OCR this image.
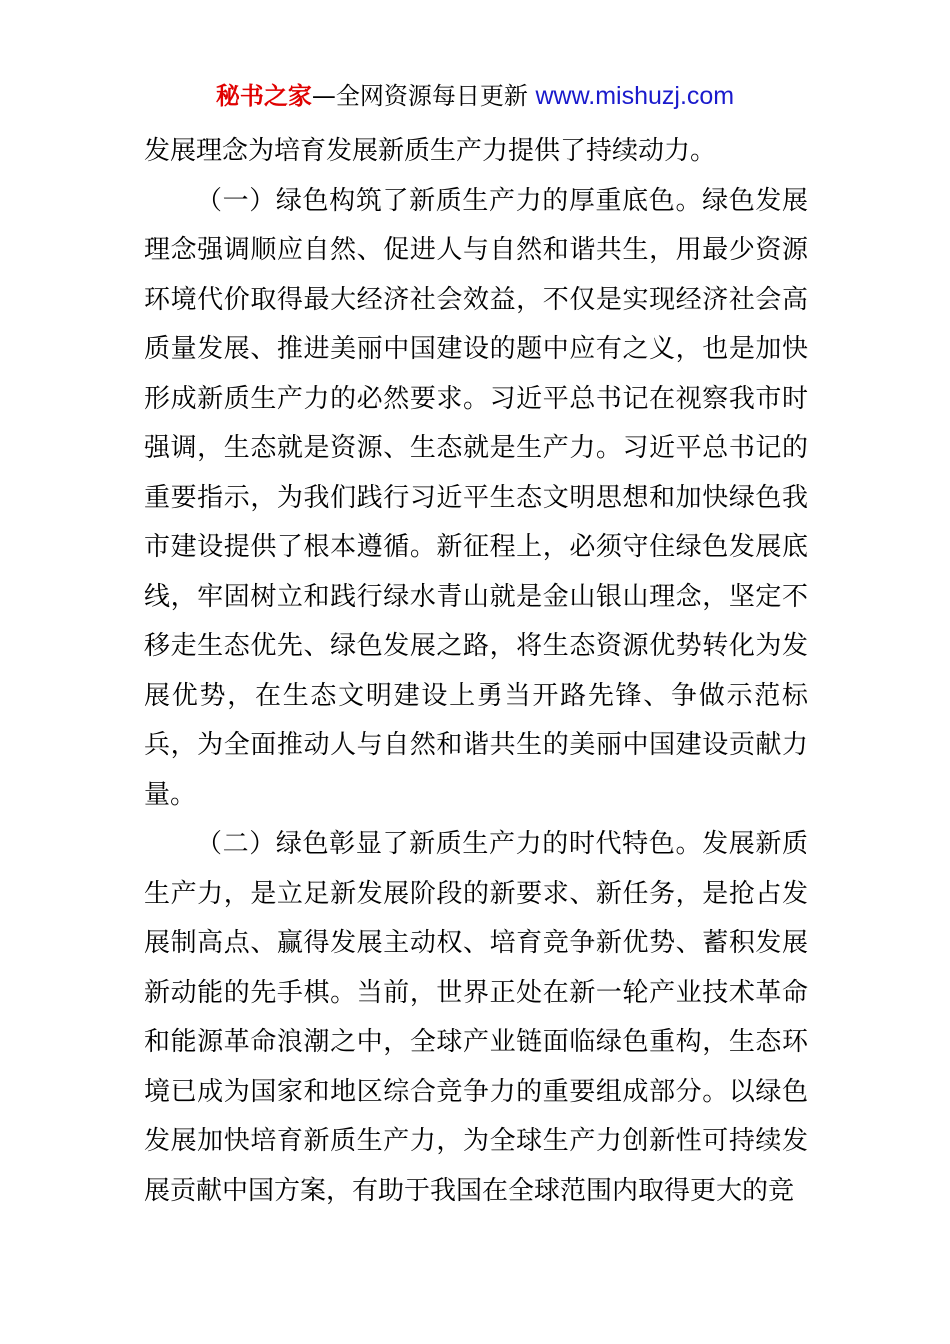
秘书之家—全网资源每日更新 www.mishuzj.com

发展理念为培育发展新质生产力提供了持续动力。

（一）绿色构筑了新质生产力的厚重底色。绿色发展理念强调顺应自然、促进人与自然和谐共生，用最少资源环境代价取得最大经济社会效益，不仅是实现经济社会高质量发展、推进美丽中国建设的题中应有之义，也是加快形成新质生产力的必然要求。习近平总书记在视察我市时强调，生态就是资源、生态就是生产力。习近平总书记的重要指示，为我们践行习近平生态文明思想和加快绿色我市建设提供了根本遵循。新征程上，必须守住绿色发展底线，牢固树立和践行绿水青山就是金山银山理念，坚定不移走生态优先、绿色发展之路，将生态资源优势转化为发展优势，在生态文明建设上勇当开路先锋、争做示范标兵，为全面推动人与自然和谐共生的美丽中国建设贡献力量。

（二）绿色彰显了新质生产力的时代特色。发展新质生产力，是立足新发展阶段的新要求、新任务，是抢占发展制高点、赢得发展主动权、培育竞争新优势、蓄积发展新动能的先手棋。当前，世界正处在新一轮产业技术革命和能源革命浪潮之中，全球产业链面临绿色重构，生态环境已成为国家和地区综合竞争力的重要组成部分。以绿色发展加快培育新质生产力，为全球生产力创新性可持续发展贡献中国方案，有助于我国在全球范围内取得更大的竞
